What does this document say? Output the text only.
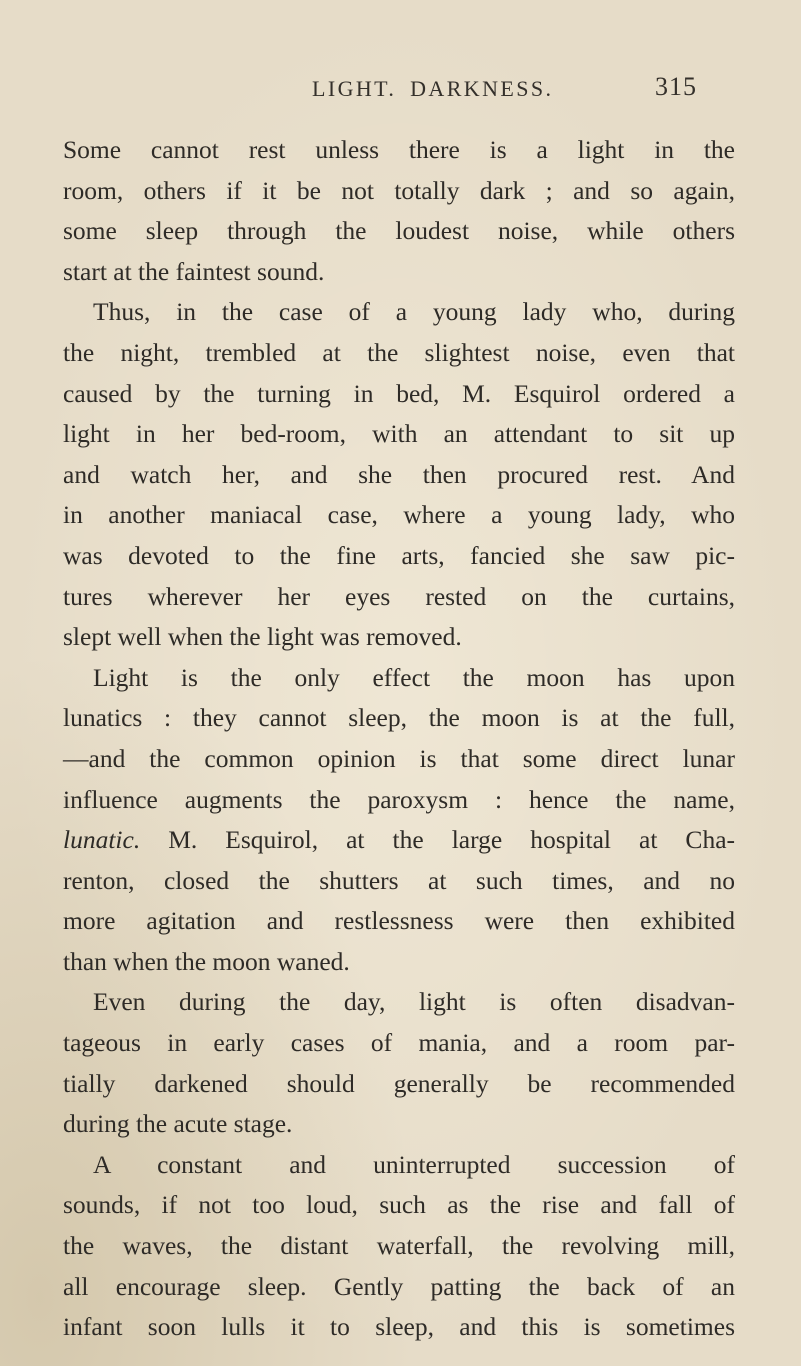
LIGHT. DARKNESS.	315
Some cannot rest unless there is a light in the
room, others if it be not totally dark ; and so again,
some sleep through the loudest noise, while others
start at the faintest sound.
Thus, in the case of a young lady who, during
the night, trembled at the slightest noise, even that
caused by the turning in bed, M. Esquirol ordered a
light in her bed-room, with an attendant to sit up
and watch her, and she then procured rest. And
in another maniacal case, where a young lady, who
was devoted to the fine arts, fancied she saw pic-
tures wherever her eyes rested on the curtains,
slept well when the light was removed.
Light is the only effect the moon has upon
lunatics : they cannot sleep, the moon is at the full,
—and the common opinion is that some direct lunar
influence augments the paroxysm : hence the name,
lunatic. M. Esquirol, at the large hospital at Cha-
renton, closed the shutters at such times, and no
more agitation and restlessness were then exhibited
than when the moon waned.
Even during the day, light is often disadvan-
tageous in early cases of mania, and a room par-
tially darkened should generally be recommended
during the acute stage.
A constant and uninterrupted succession of
sounds, if not too loud, such as the rise and fall of
the waves, the distant waterfall, the revolving mill,
all encourage sleep. Gently patting the back of an
infant soon lulls it to sleep, and this is sometimes
